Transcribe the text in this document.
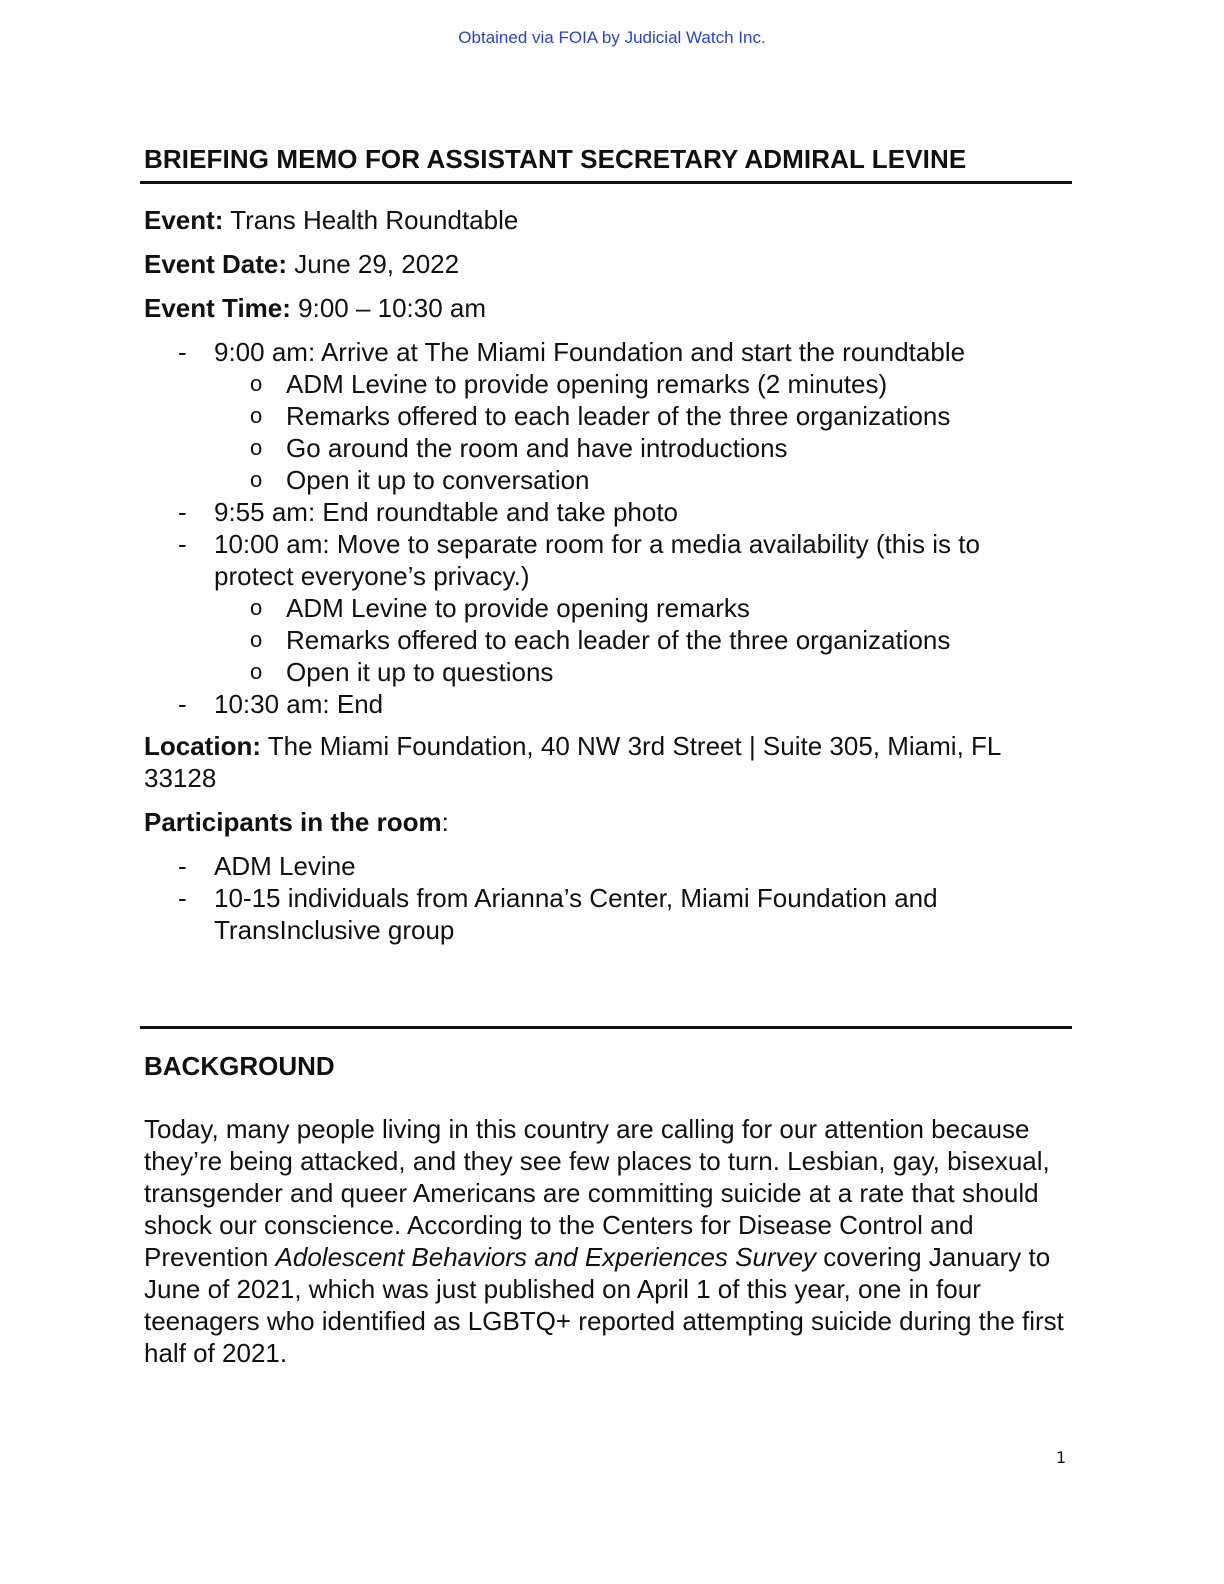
Obtained via FOIA by Judicial Watch Inc.
BRIEFING MEMO FOR ASSISTANT SECRETARY ADMIRAL LEVINE
Event: Trans Health Roundtable
Event Date: June 29, 2022
Event Time: 9:00 – 10:30 am
- 9:00 am: Arrive at The Miami Foundation and start the roundtable
o ADM Levine to provide opening remarks (2 minutes)
o Remarks offered to each leader of the three organizations
o Go around the room and have introductions
o Open it up to conversation
- 9:55 am: End roundtable and take photo
- 10:00 am: Move to separate room for a media availability (this is to
protect everyone’s privacy.)
o ADM Levine to provide opening remarks
o Remarks offered to each leader of the three organizations
o Open it up to questions
- 10:30 am: End
Location: The Miami Foundation, 40 NW 3rd Street | Suite 305, Miami, FL
33128
Participants in the room:
- ADM Levine
- 10-15 individuals from Arianna’s Center, Miami Foundation and
TransInclusive group
BACKGROUND
Today, many people living in this country are calling for our attention because they’re being attacked, and they see few places to turn. Lesbian, gay, bisexual, transgender and queer Americans are committing suicide at a rate that should shock our conscience. According to the Centers for Disease Control and Prevention Adolescent Behaviors and Experiences Survey covering January to June of 2021, which was just published on April 1 of this year, one in four teenagers who identified as LGBTQ+ reported attempting suicide during the first half of 2021.
1
